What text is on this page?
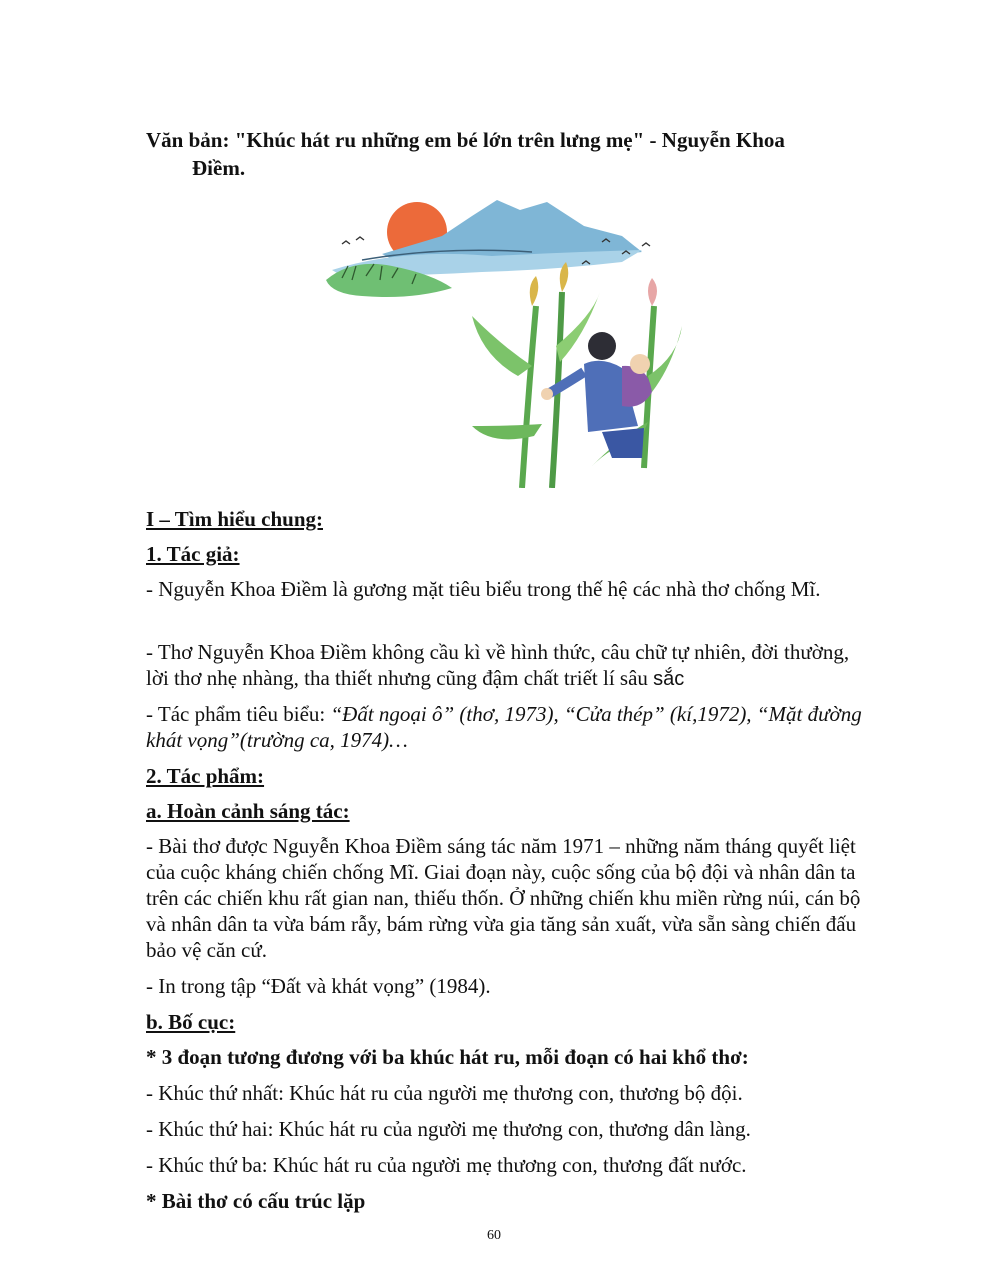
Văn bản: "Khúc hát ru những em bé lớn trên lưng mẹ" - Nguyễn Khoa
Điềm.
I – Tìm hiểu chung:
1. Tác giả:
- Nguyễn Khoa Điềm là gương mặt tiêu biểu trong thế hệ các nhà thơ chống Mĩ.
- Thơ Nguyễn Khoa Điềm không cầu kì về hình thức, câu chữ tự nhiên, đời thường, lời thơ nhẹ nhàng, tha thiết nhưng cũng đậm chất triết lí sâu sắc
- Tác phẩm tiêu biểu: “Đất ngoại ô” (thơ, 1973), “Cửa thép” (kí,1972), “Mặt đường khát vọng”(trường ca, 1974)…
2. Tác phẩm:
a. Hoàn cảnh sáng tác:
- Bài thơ được Nguyễn Khoa Điềm sáng tác năm 1971 – những năm tháng quyết liệt của cuộc kháng chiến chống Mĩ. Giai đoạn này, cuộc sống của bộ đội và nhân dân ta trên các chiến khu rất gian nan, thiếu thốn. Ở những chiến khu miền rừng núi, cán bộ và nhân dân ta vừa bám rẫy, bám rừng vừa gia tăng sản xuất, vừa sẵn sàng chiến đấu bảo vệ căn cứ.
- In trong tập “Đất và khát vọng” (1984).
b. Bố cục:
* 3 đoạn tương đương với ba khúc hát ru, mỗi đoạn có hai khổ thơ:
- Khúc thứ nhất: Khúc hát ru của người mẹ thương con, thương bộ đội.
- Khúc thứ hai: Khúc hát ru của người mẹ thương con, thương dân làng.
- Khúc thứ ba: Khúc hát ru của người mẹ thương con, thương đất nước.
* Bài thơ có cấu trúc lặp
60
